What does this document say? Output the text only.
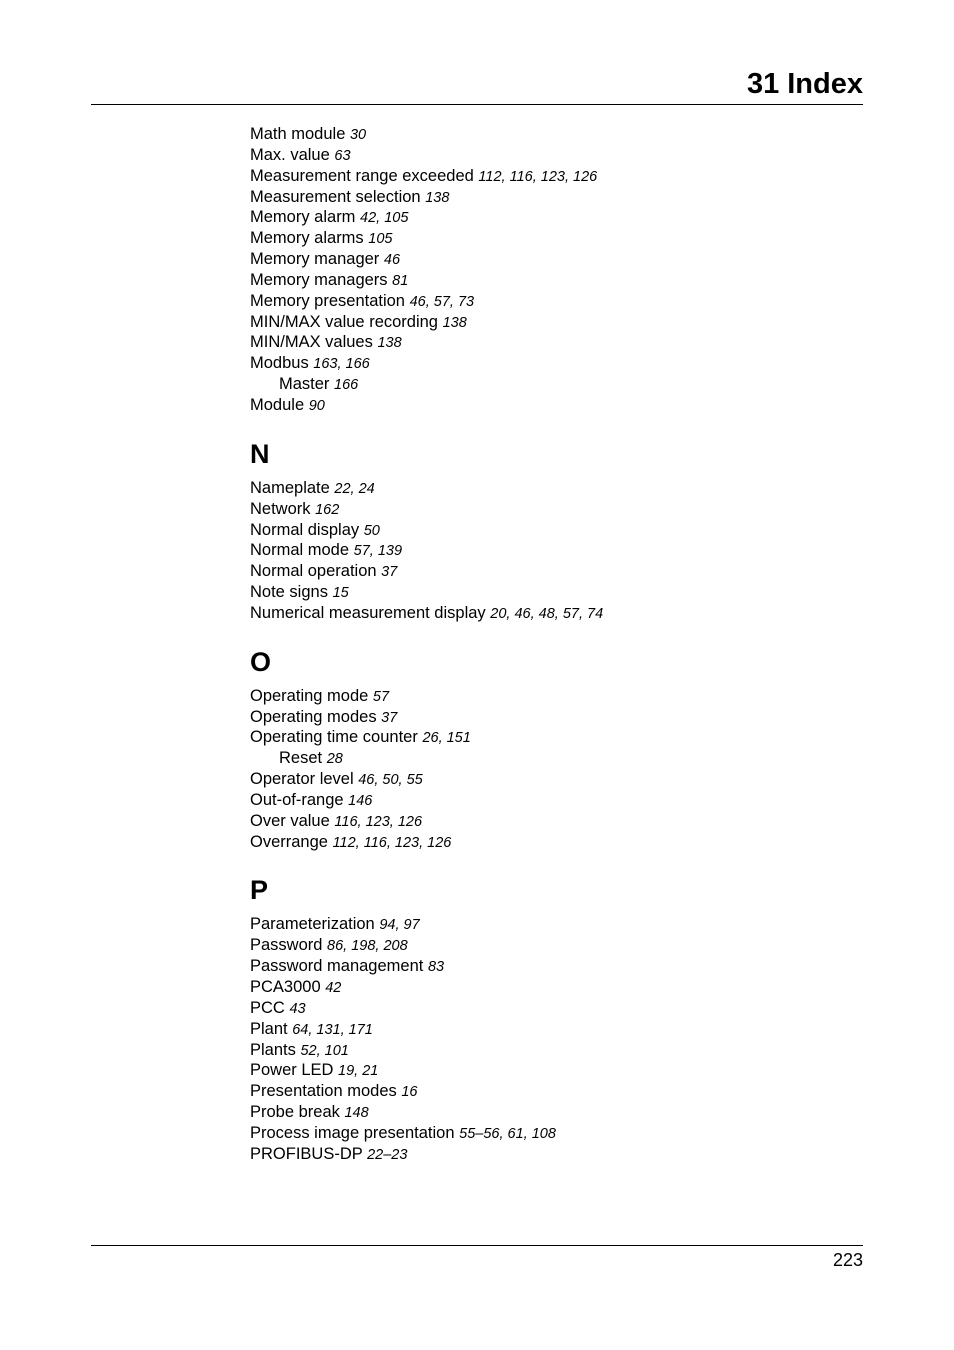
31 Index
Math module 30
Max. value 63
Measurement range exceeded 112, 116, 123, 126
Measurement selection 138
Memory alarm 42, 105
Memory alarms 105
Memory manager 46
Memory managers 81
Memory presentation 46, 57, 73
MIN/MAX value recording 138
MIN/MAX values 138
Modbus 163, 166
Master 166
Module 90
N
Nameplate 22, 24
Network 162
Normal display 50
Normal mode 57, 139
Normal operation 37
Note signs 15
Numerical measurement display 20, 46, 48, 57, 74
O
Operating mode 57
Operating modes 37
Operating time counter 26, 151
Reset 28
Operator level 46, 50, 55
Out-of-range 146
Over value 116, 123, 126
Overrange 112, 116, 123, 126
P
Parameterization 94, 97
Password 86, 198, 208
Password management 83
PCA3000 42
PCC 43
Plant 64, 131, 171
Plants 52, 101
Power LED 19, 21
Presentation modes 16
Probe break 148
Process image presentation 55–56, 61, 108
PROFIBUS-DP 22–23
223
